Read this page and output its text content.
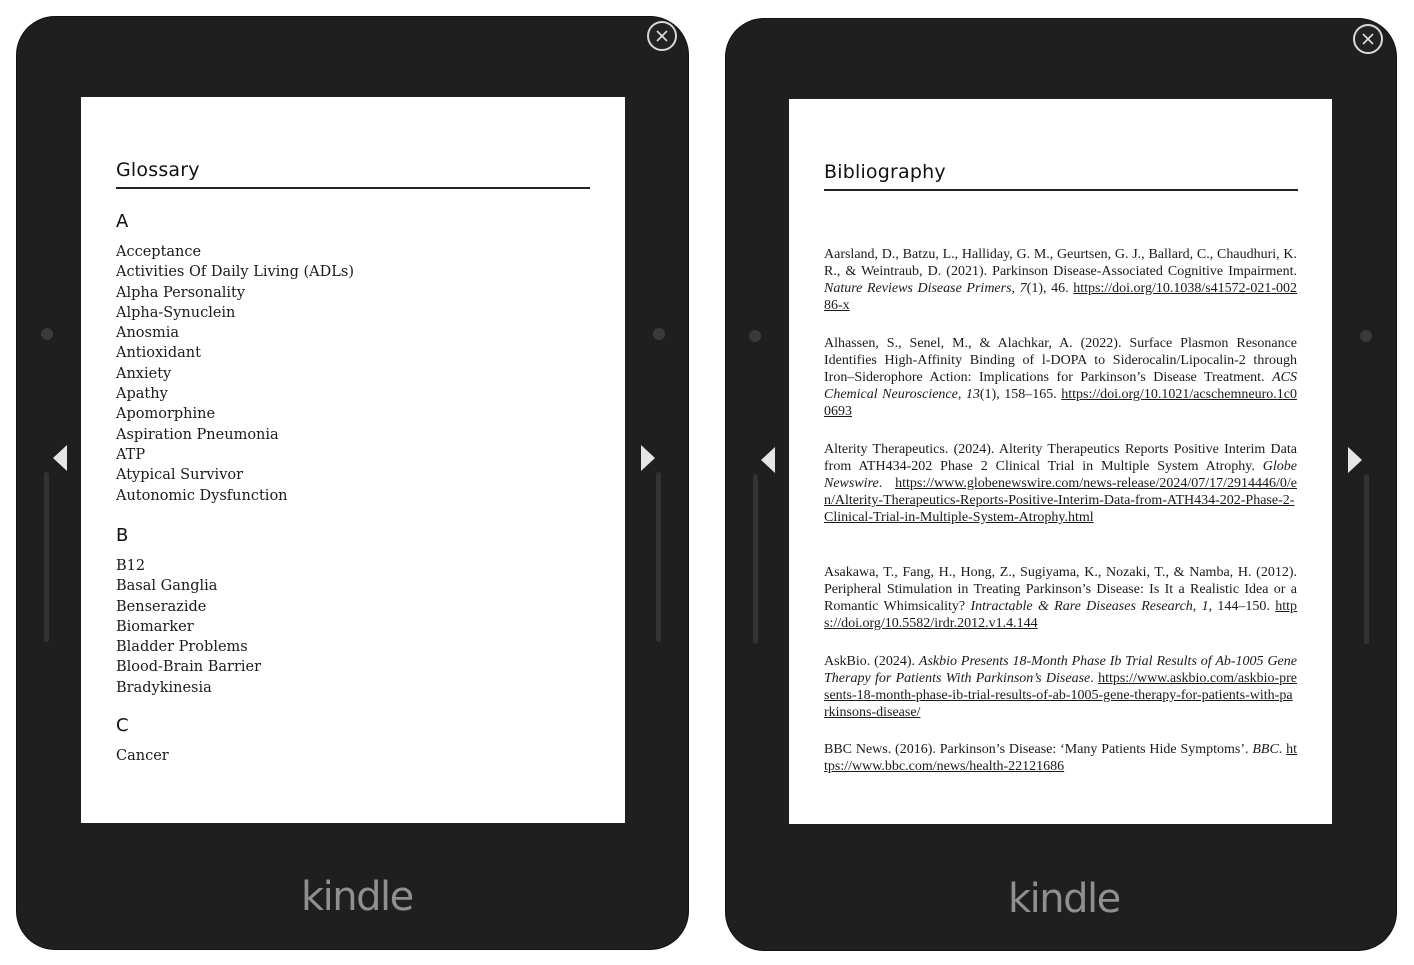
Glossary
A
Acceptance
Activities Of Daily Living (ADLs)
Alpha Personality
Alpha-Synuclein
Anosmia
Antioxidant
Anxiety
Apathy
Apomorphine
Aspiration Pneumonia
ATP
Atypical Survivor
Autonomic Dysfunction
B
B12
Basal Ganglia
Benserazide
Biomarker
Bladder Problems
Blood-Brain Barrier
Bradykinesia
C
Cancer
kindle
Bibliography
Aarsland, D., Batzu, L., Halliday, G. M., Geurtsen, G. J., Ballard, C., Chaudhuri, K. R., & Weintraub, D. (2021). Parkinson Disease-Associated Cognitive Impairment. Nature Reviews Disease Primers, 7(1), 46. https://doi.org/10.1038/s41572-021-00286-x
Alhassen, S., Senel, M., & Alachkar, A. (2022). Surface Plasmon Resonance Identifies High-Affinity Binding of l-DOPA to Siderocalin/Lipocalin-2 through Iron–Siderophore Action: Implications for Parkinson’s Disease Treatment. ACS Chemical Neuroscience, 13(1), 158–165. https://doi.org/10.1021/acschemneuro.1c00693
Alterity Therapeutics. (2024). Alterity Therapeutics Reports Positive Interim Data from ATH434-202 Phase 2 Clinical Trial in Multiple System Atrophy. Globe Newswire. https://www.globenewswire.com/news-release/2024/07/17/2914446/0/en/Alterity-Therapeutics-Reports-Positive-Interim-Data-from-ATH434-202-Phase-2-Clinical-Trial-in-Multiple-System-Atrophy.html
Asakawa, T., Fang, H., Hong, Z., Sugiyama, K., Nozaki, T., & Namba, H. (2012). Peripheral Stimulation in Treating Parkinson’s Disease: Is It a Realistic Idea or a Romantic Whimsicality? Intractable & Rare Diseases Research, 1, 144–150. https://doi.org/10.5582/irdr.2012.v1.4.144
AskBio. (2024). Askbio Presents 18-Month Phase Ib Trial Results of Ab-1005 Gene Therapy for Patients With Parkinson’s Disease. https://www.askbio.com/askbio-presents-18-month-phase-ib-trial-results-of-ab-1005-gene-therapy-for-patients-with-parkinsons-disease/
BBC News. (2016). Parkinson’s Disease: ‘Many Patients Hide Symptoms’. BBC. https://www.bbc.com/news/health-22121686
kindle
